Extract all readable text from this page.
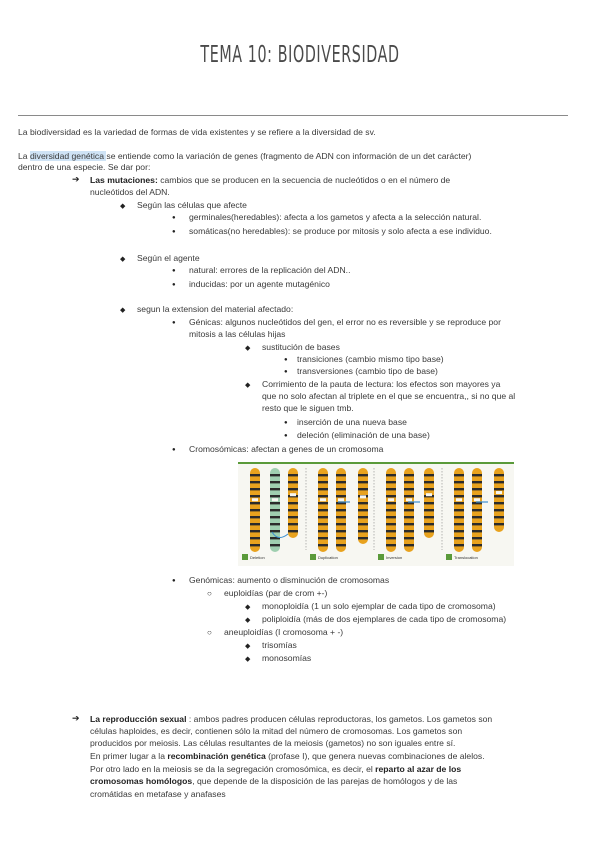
TEMA 10: BIODIVERSIDAD
La biodiversidad es la variedad de formas de vida existentes y se refiere a la diversidad de sv.
La diversidad genética se entiende como la variación de genes (fragmento de ADN con información de un det carácter)
dentro de una especie. Se dar por:
➔ Las mutaciones: cambios que se producen en la secuencia de nucleótidos o en el número de
nucleótidos del ADN.
◆ Según las células que afecte
● germinales(heredables): afecta a los gametos y afecta a la selección natural.
● somáticas(no heredables): se produce por mitosis y solo afecta a ese individuo.
◆ Según el agente
● natural: errores de la replicación del ADN..
● inducidas: por un agente mutagénico
◆ segun la extension del material afectado:
● Génicas: algunos nucleótidos del gen, el error no es reversible y se reproduce por
mitosis a las células hijas
◆ sustitución de bases
● transiciones (cambio mismo tipo base)
● transversiones (cambio tipo de base)
◆ Corrimiento de la pauta de lectura: los efectos son mayores ya
que no solo afectan al triplete en el que se encuentra,, si no que al
resto que le siguen tmb.
● inserción de una nueva base
● deleción (eliminación de una base)
● Cromosómicas: afectan a genes de un cromosoma
Deletion	Duplication	Inversion	Translocation
● Genómicas: aumento o disminución de cromosomas
○ euploidías (par de crom +-)
◆ monoploidía (1 un solo ejemplar de cada tipo de cromosoma)
◆ poliploidía (más de dos ejemplares de cada tipo de cromosoma)
○ aneuploidías (I cromosoma + -)
◆ trisomías
◆ monosomías
➔ La reproducción sexual : ambos padres producen células reproductoras, los gametos. Los gametos son
células haploides, es decir, contienen sólo la mitad del número de cromosomas. Los gametos son
producidos por meiosis. Las células resultantes de la meiosis (gametos) no son iguales entre sí.
En primer lugar a la recombinación genética (profase I), que genera nuevas combinaciones de alelos.
Por otro lado en la meiosis se da la segregación cromosómica, es decir, el reparto al azar de los
cromosomas homólogos, que depende de la disposición de las parejas de homólogos y de las
cromátidas en metafase y anafases
